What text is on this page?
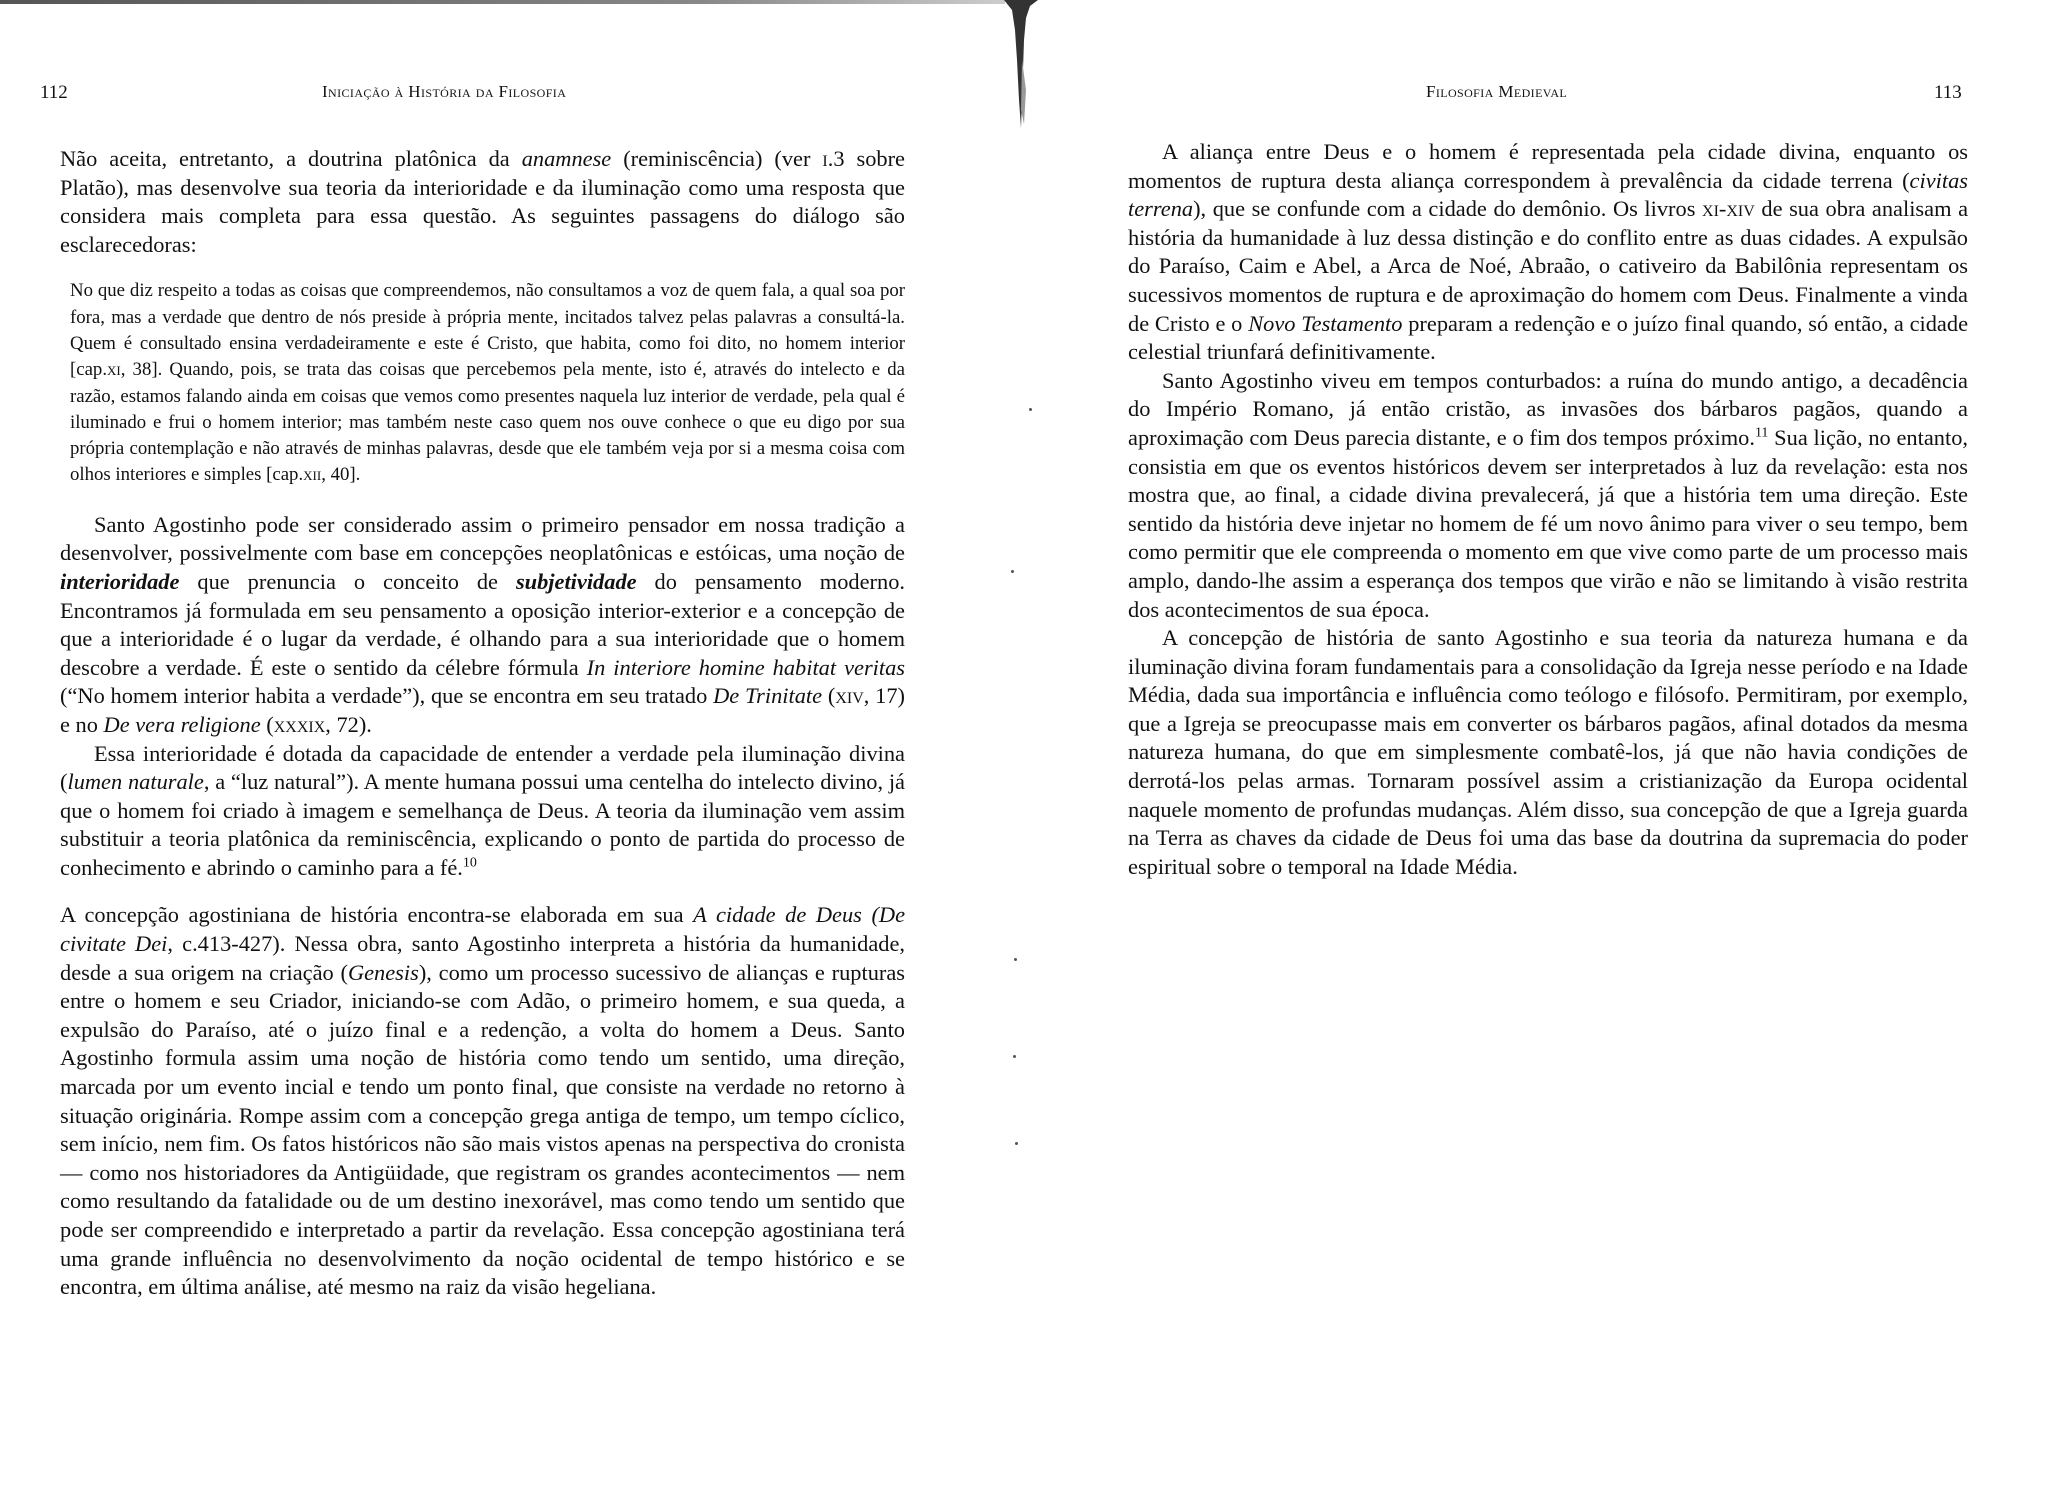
112	Iniciação à História da Filosofia

Não aceita, entretanto, a doutrina platônica da anamnese (reminiscência) (ver i.3 sobre Platão), mas desenvolve sua teoria da interioridade e da iluminação como uma resposta que considera mais completa para essa questão. As seguintes passagens do diálogo são esclarecedoras:

No que diz respeito a todas as coisas que compreendemos, não consultamos a voz de quem fala, a qual soa por fora, mas a verdade que dentro de nós preside à própria mente, incitados talvez pelas palavras a consultá-la. Quem é consultado ensina verdadeiramente e este é Cristo, que habita, como foi dito, no homem interior [cap.xi, 38]. Quando, pois, se trata das coisas que percebemos pela mente, isto é, através do intelecto e da razão, estamos falando ainda em coisas que vemos como presentes naquela luz interior de verdade, pela qual é iluminado e frui o homem interior; mas também neste caso quem nos ouve conhece o que eu digo por sua própria contemplação e não através de minhas palavras, desde que ele também veja por si a mesma coisa com olhos interiores e simples [cap.xii, 40].

Santo Agostinho pode ser considerado assim o primeiro pensador em nossa tradição a desenvolver, possivelmente com base em concepções neoplatônicas e estóicas, uma noção de interioridade que prenuncia o conceito de subjetividade do pensamento moderno. Encontramos já formulada em seu pensamento a oposição interior-exterior e a concepção de que a interioridade é o lugar da verdade, é olhando para a sua interioridade que o homem descobre a verdade. É este o sentido da célebre fórmula In interiore homine habitat veritas (“No homem interior habita a verdade”), que se encontra em seu tratado De Trinitate (xiv, 17) e no De vera religione (xxxix, 72).

Essa interioridade é dotada da capacidade de entender a verdade pela iluminação divina (lumen naturale, a “luz natural”). A mente humana possui uma centelha do intelecto divino, já que o homem foi criado à imagem e semelhança de Deus. A teoria da iluminação vem assim substituir a teoria platônica da reminiscência, explicando o ponto de partida do processo de conhecimento e abrindo o caminho para a fé.$^{10}$

A concepção agostiniana de história encontra-se elaborada em sua A cidade de Deus (De civitate Dei, c.413-427). Nessa obra, santo Agostinho interpreta a história da humanidade, desde a sua origem na criação (Genesis), como um processo sucessivo de alianças e rupturas entre o homem e seu Criador, iniciando-se com Adão, o primeiro homem, e sua queda, a expulsão do Paraíso, até o juízo final e a redenção, a volta do homem a Deus. Santo Agostinho formula assim uma noção de história como tendo um sentido, uma direção, marcada por um evento incial e tendo um ponto final, que consiste na verdade no retorno à situação originária. Rompe assim com a concepção grega antiga de tempo, um tempo cíclico, sem início, nem fim. Os fatos históricos não são mais vistos apenas na perspectiva do cronista — como nos historiadores da Antigüidade, que registram os grandes acontecimentos — nem como resultando da fatalidade ou de um destino inexorável, mas como tendo um sentido que pode ser compreendido e interpretado a partir da revelação. Essa concepção agostiniana terá uma grande influência no desenvolvimento da noção ocidental de tempo histórico e se encontra, em última análise, até mesmo na raiz da visão hegeliana.

Filosofia Medieval	113

A aliança entre Deus e o homem é representada pela cidade divina, enquanto os momentos de ruptura desta aliança correspondem à prevalência da cidade terrena (civitas terrena), que se confunde com a cidade do demônio. Os livros xi-xiv de sua obra analisam a história da humanidade à luz dessa distinção e do conflito entre as duas cidades. A expulsão do Paraíso, Caim e Abel, a Arca de Noé, Abraão, o cativeiro da Babilônia representam os sucessivos momentos de ruptura e de aproximação do homem com Deus. Finalmente a vinda de Cristo e o Novo Testamento preparam a redenção e o juízo final quando, só então, a cidade celestial triunfará definitivamente.

Santo Agostinho viveu em tempos conturbados: a ruína do mundo antigo, a decadência do Império Romano, já então cristão, as invasões dos bárbaros pagãos, quando a aproximação com Deus parecia distante, e o fim dos tempos próximo.$^{11}$ Sua lição, no entanto, consistia em que os eventos históricos devem ser interpretados à luz da revelação: esta nos mostra que, ao final, a cidade divina prevalecerá, já que a história tem uma direção. Este sentido da história deve injetar no homem de fé um novo ânimo para viver o seu tempo, bem como permitir que ele compreenda o momento em que vive como parte de um processo mais amplo, dando-lhe assim a esperança dos tempos que virão e não se limitando à visão restrita dos acontecimentos de sua época.

A concepção de história de santo Agostinho e sua teoria da natureza humana e da iluminação divina foram fundamentais para a consolidação da Igreja nesse período e na Idade Média, dada sua importância e influência como teólogo e filósofo. Permitiram, por exemplo, que a Igreja se preocupasse mais em converter os bárbaros pagãos, afinal dotados da mesma natureza humana, do que em simplesmente combatê-los, já que não havia condições de derrotá-los pelas armas. Tornaram possível assim a cristianização da Europa ocidental naquele momento de profundas mudanças. Além disso, sua concepção de que a Igreja guarda na Terra as chaves da cidade de Deus foi uma das base da doutrina da supremacia do poder espiritual sobre o temporal na Idade Média.
